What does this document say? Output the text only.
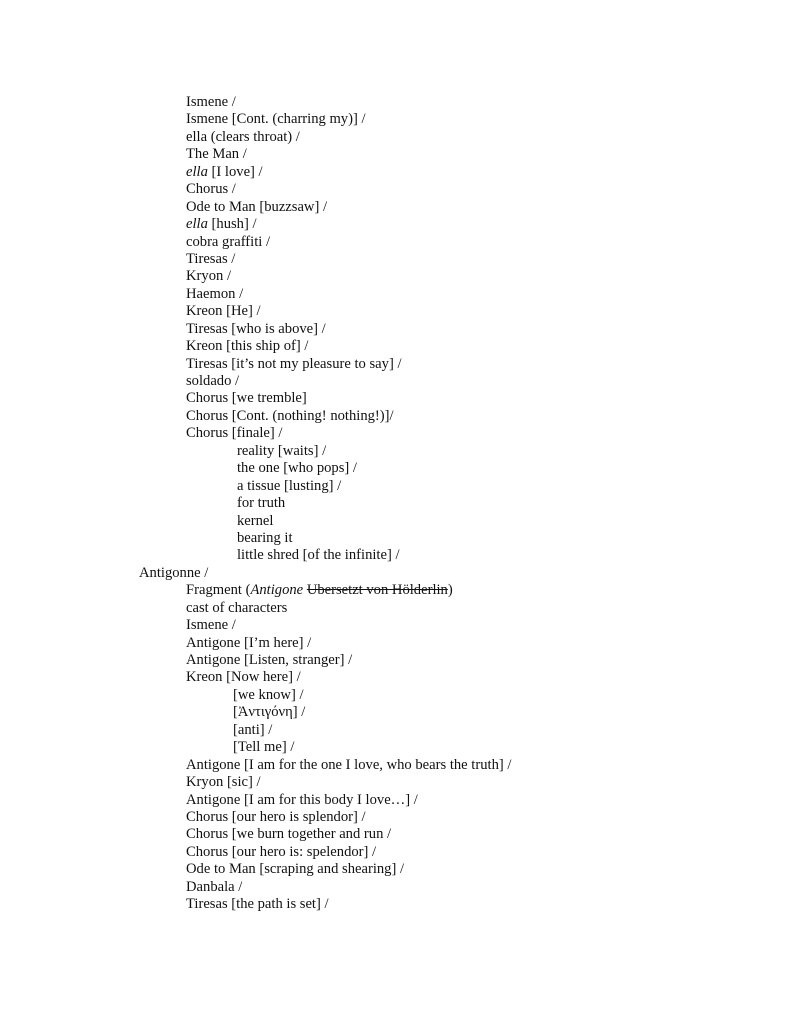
Ismene /
Ismene [Cont. (charring my)] /
ella (clears throat) /
The Man /
ella [I love] /
Chorus /
Ode to Man [buzzsaw] /
ella [hush] /
cobra graffiti /
Tiresas /
Kryon /
Haemon /
Kreon [He] /
Tiresas [who is above] /
Kreon [this ship of] /
Tiresas [it’s not my pleasure to say] /
soldado /
Chorus [we tremble]
Chorus [Cont. (nothing! nothing!)]/
Chorus [finale] /
reality [waits] /
the one [who pops] /
a tissue [lusting] /
for truth
kernel
bearing it
little shred [of the infinite] /
Antigonne /
Fragment (Antigone Ubersetzt von Hölderlin)
cast of characters
Ismene /
Antigone [I’m here] /
Antigone [Listen, stranger] /
Kreon [Now here] /
[we know] /
[Ἀντιγόνη] /
[anti] /
[Tell me] /
Antigone [I am for the one I love, who bears the truth] /
Kryon [sic] /
Antigone [I am for this body I love…] /
Chorus [our hero is splendor] /
Chorus [we burn together and run /
Chorus [our hero is: spelendor] /
Ode to Man [scraping and shearing] /
Danbala /
Tiresas [the path is set] /
